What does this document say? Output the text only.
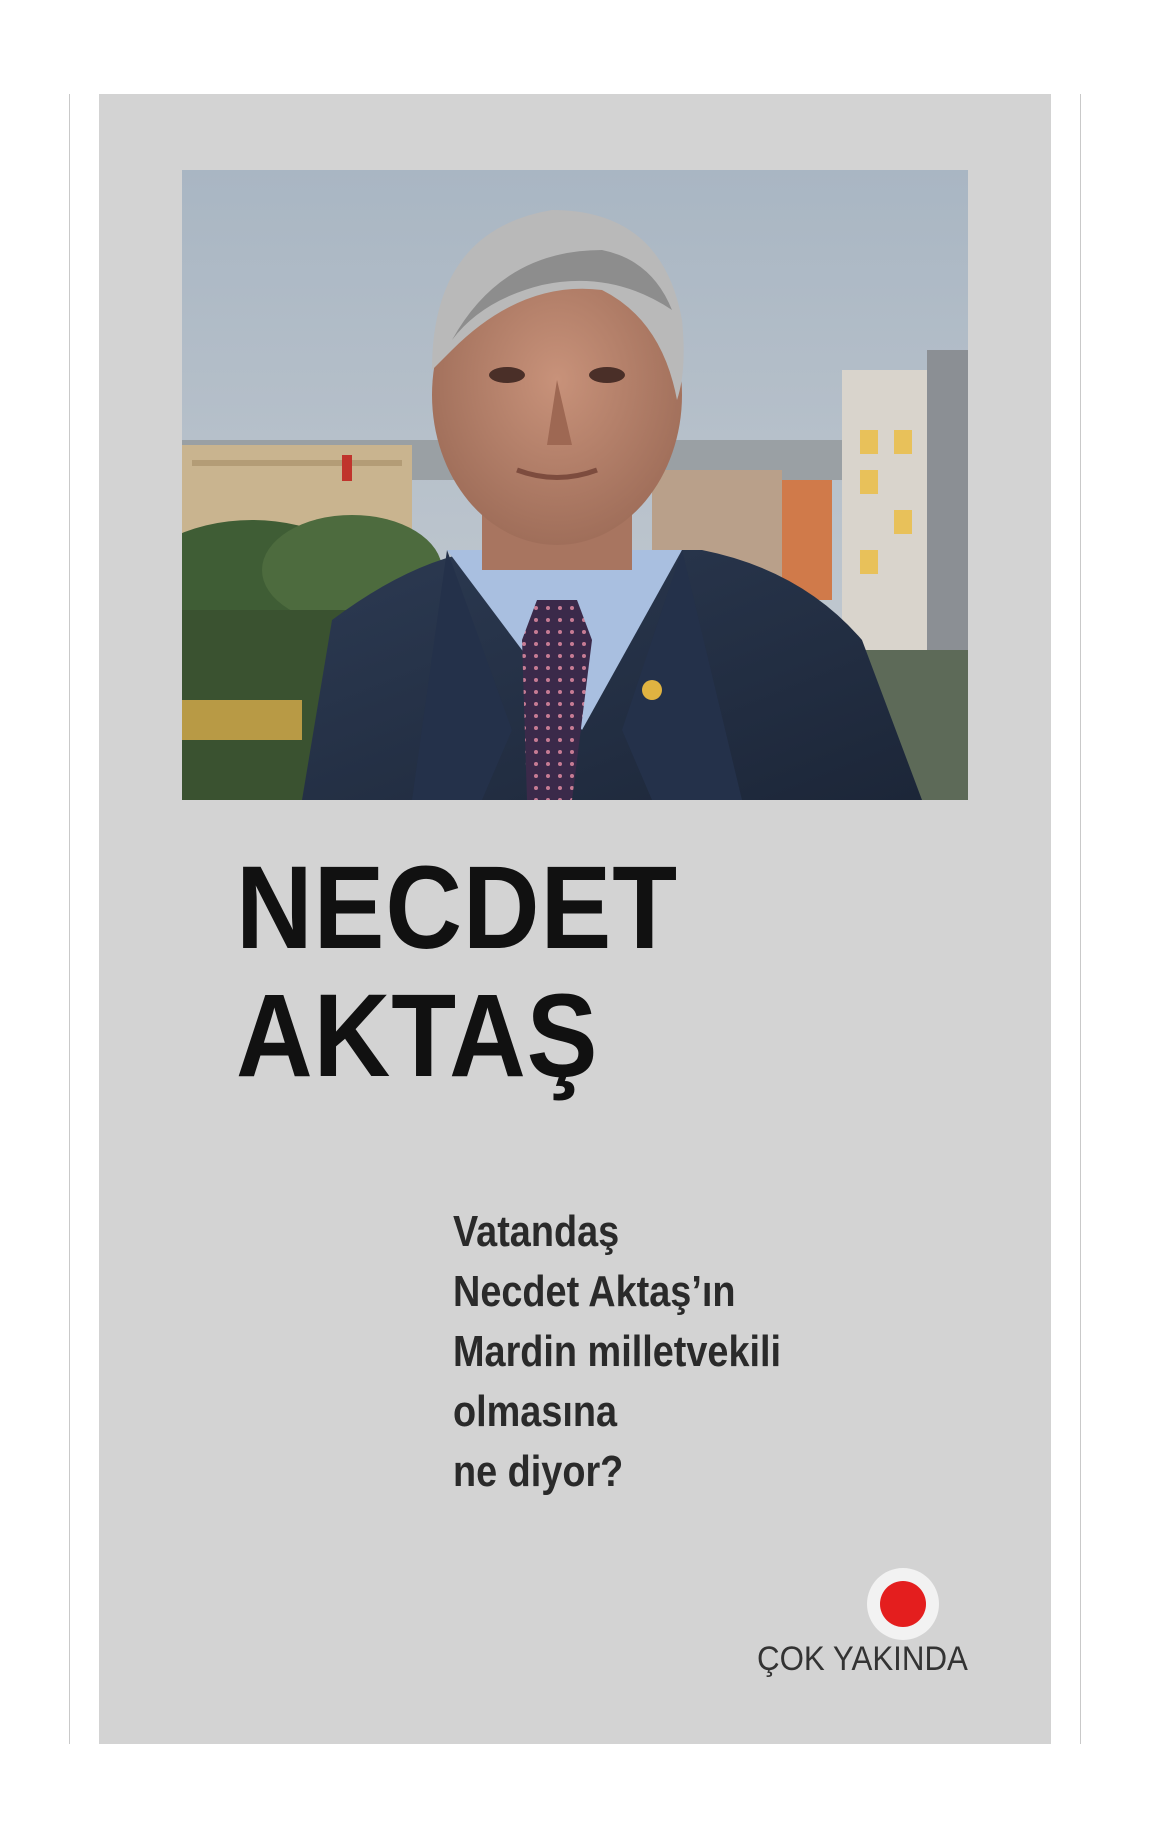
NECDET
AKTAŞ
Vatandaş
Necdet Aktaş’ın
Mardin milletvekili
olmasına
ne diyor?
ÇOK YAKINDA
